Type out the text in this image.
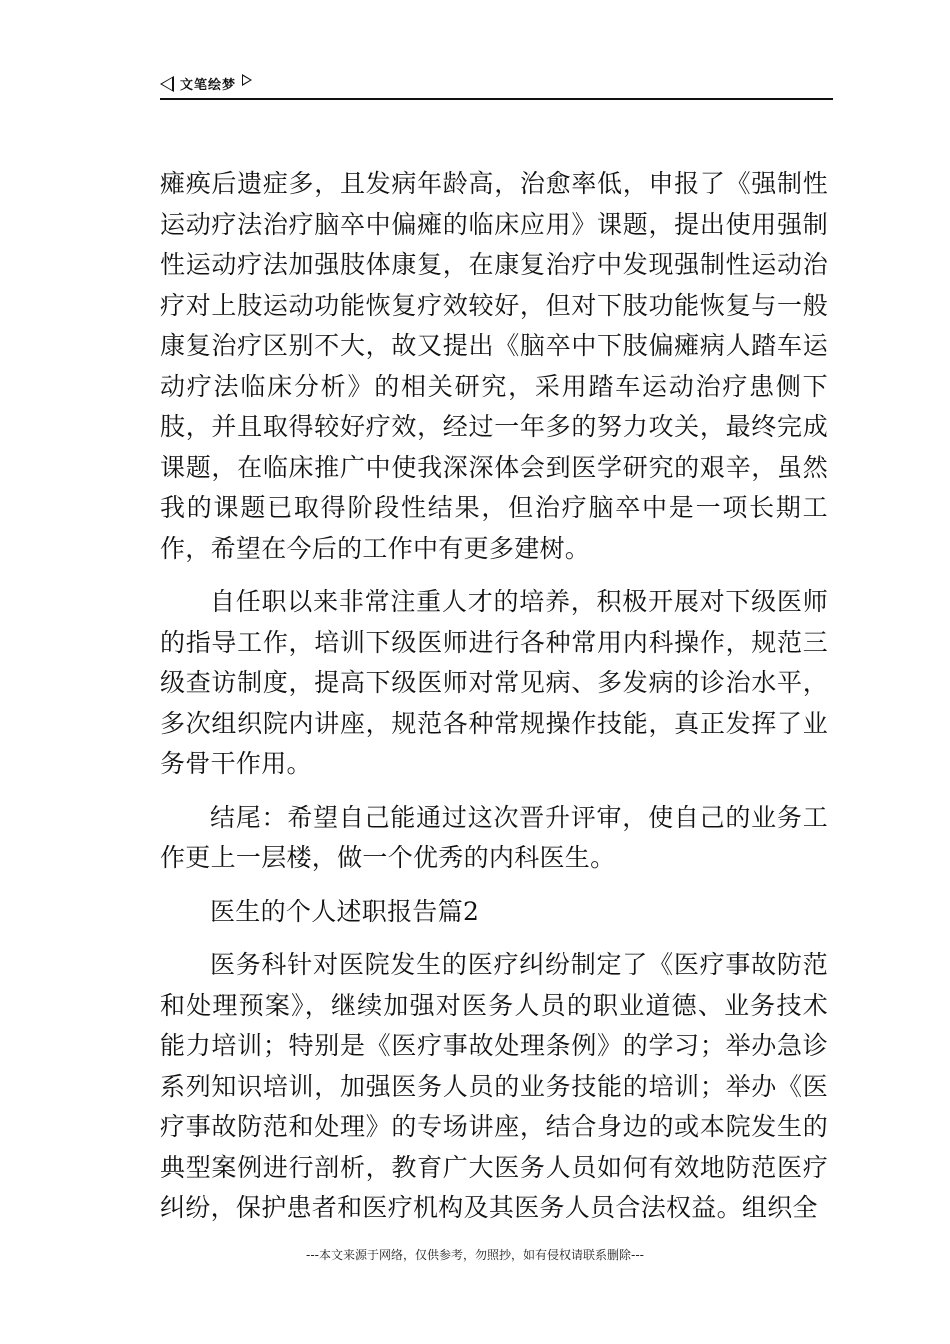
文笔绘梦

瘫痪后遗症多，且发病年龄高，治愈率低，申报了《强制性运动疗法治疗脑卒中偏瘫的临床应用》课题，提出使用强制性运动疗法加强肢体康复，在康复治疗中发现强制性运动治疗对上肢运动功能恢复疗效较好，但对下肢功能恢复与一般康复治疗区别不大，故又提出《脑卒中下肢偏瘫病人踏车运动疗法临床分析》的相关研究，采用踏车运动治疗患侧下肢，并且取得较好疗效，经过一年多的努力攻关，最终完成课题，在临床推广中使我深深体会到医学研究的艰辛，虽然我的课题已取得阶段性结果，但治疗脑卒中是一项长期工作，希望在今后的工作中有更多建树。

自任职以来非常注重人才的培养，积极开展对下级医师的指导工作，培训下级医师进行各种常用内科操作，规范三级查访制度，提高下级医师对常见病、多发病的诊治水平，多次组织院内讲座，规范各种常规操作技能，真正发挥了业务骨干作用。

结尾：希望自己能通过这次晋升评审，使自己的业务工作更上一层楼，做一个优秀的内科医生。

医生的个人述职报告篇2

医务科针对医院发生的医疗纠纷制定了《医疗事故防范和处理预案》，继续加强对医务人员的职业道德、业务技术能力培训；特别是《医疗事故处理条例》的学习；举办急诊系列知识培训，加强医务人员的业务技能的培训；举办《医疗事故防范和处理》的专场讲座，结合身边的或本院发生的典型案例进行剖析，教育广大医务人员如何有效地防范医疗纠纷，保护患者和医疗机构及其医务人员合法权益。组织全

---本文来源于网络，仅供参考，勿照抄，如有侵权请联系删除---
